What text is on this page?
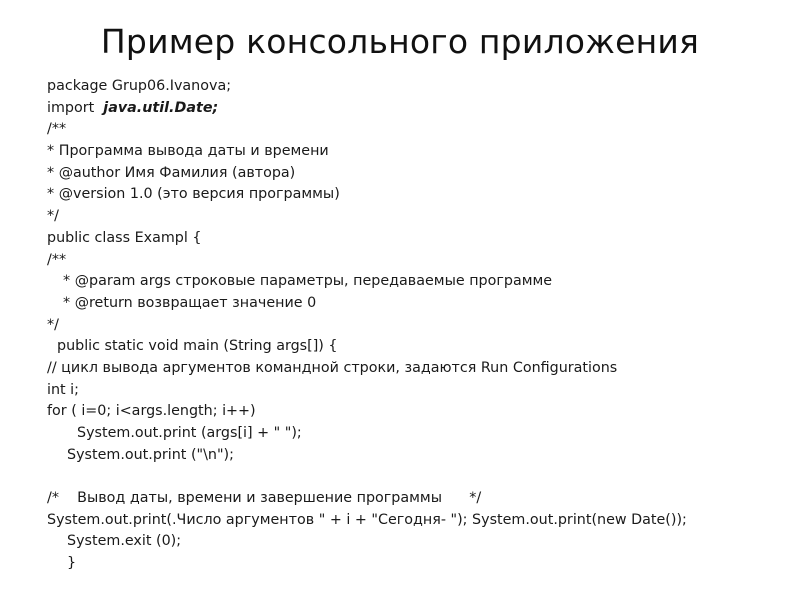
Пример консольного приложения
package Grup06.Ivanova;
import  java.util.Date;
/**
* Программа вывода даты и времени
* @author Имя Фамилия (автора)
* @version 1.0 (это версия программы)
*/
public class Exampl {
/**
* @param args строковые параметры, передаваемые программе
* @return возвращает значение 0
*/
public static void main (String args[]) {
// цикл вывода аргументов командной строки, задаются Run Configurations
int i;
for ( i=0; i<args.length; i++)
System.out.print (args[i] + " ");
System.out.print ("\n");
/*    Вывод даты, времени и завершение программы      */
System.out.print(.Число аргументов " + i + "Сегодня- "); System.out.print(new Date());
System.exit (0);
}
